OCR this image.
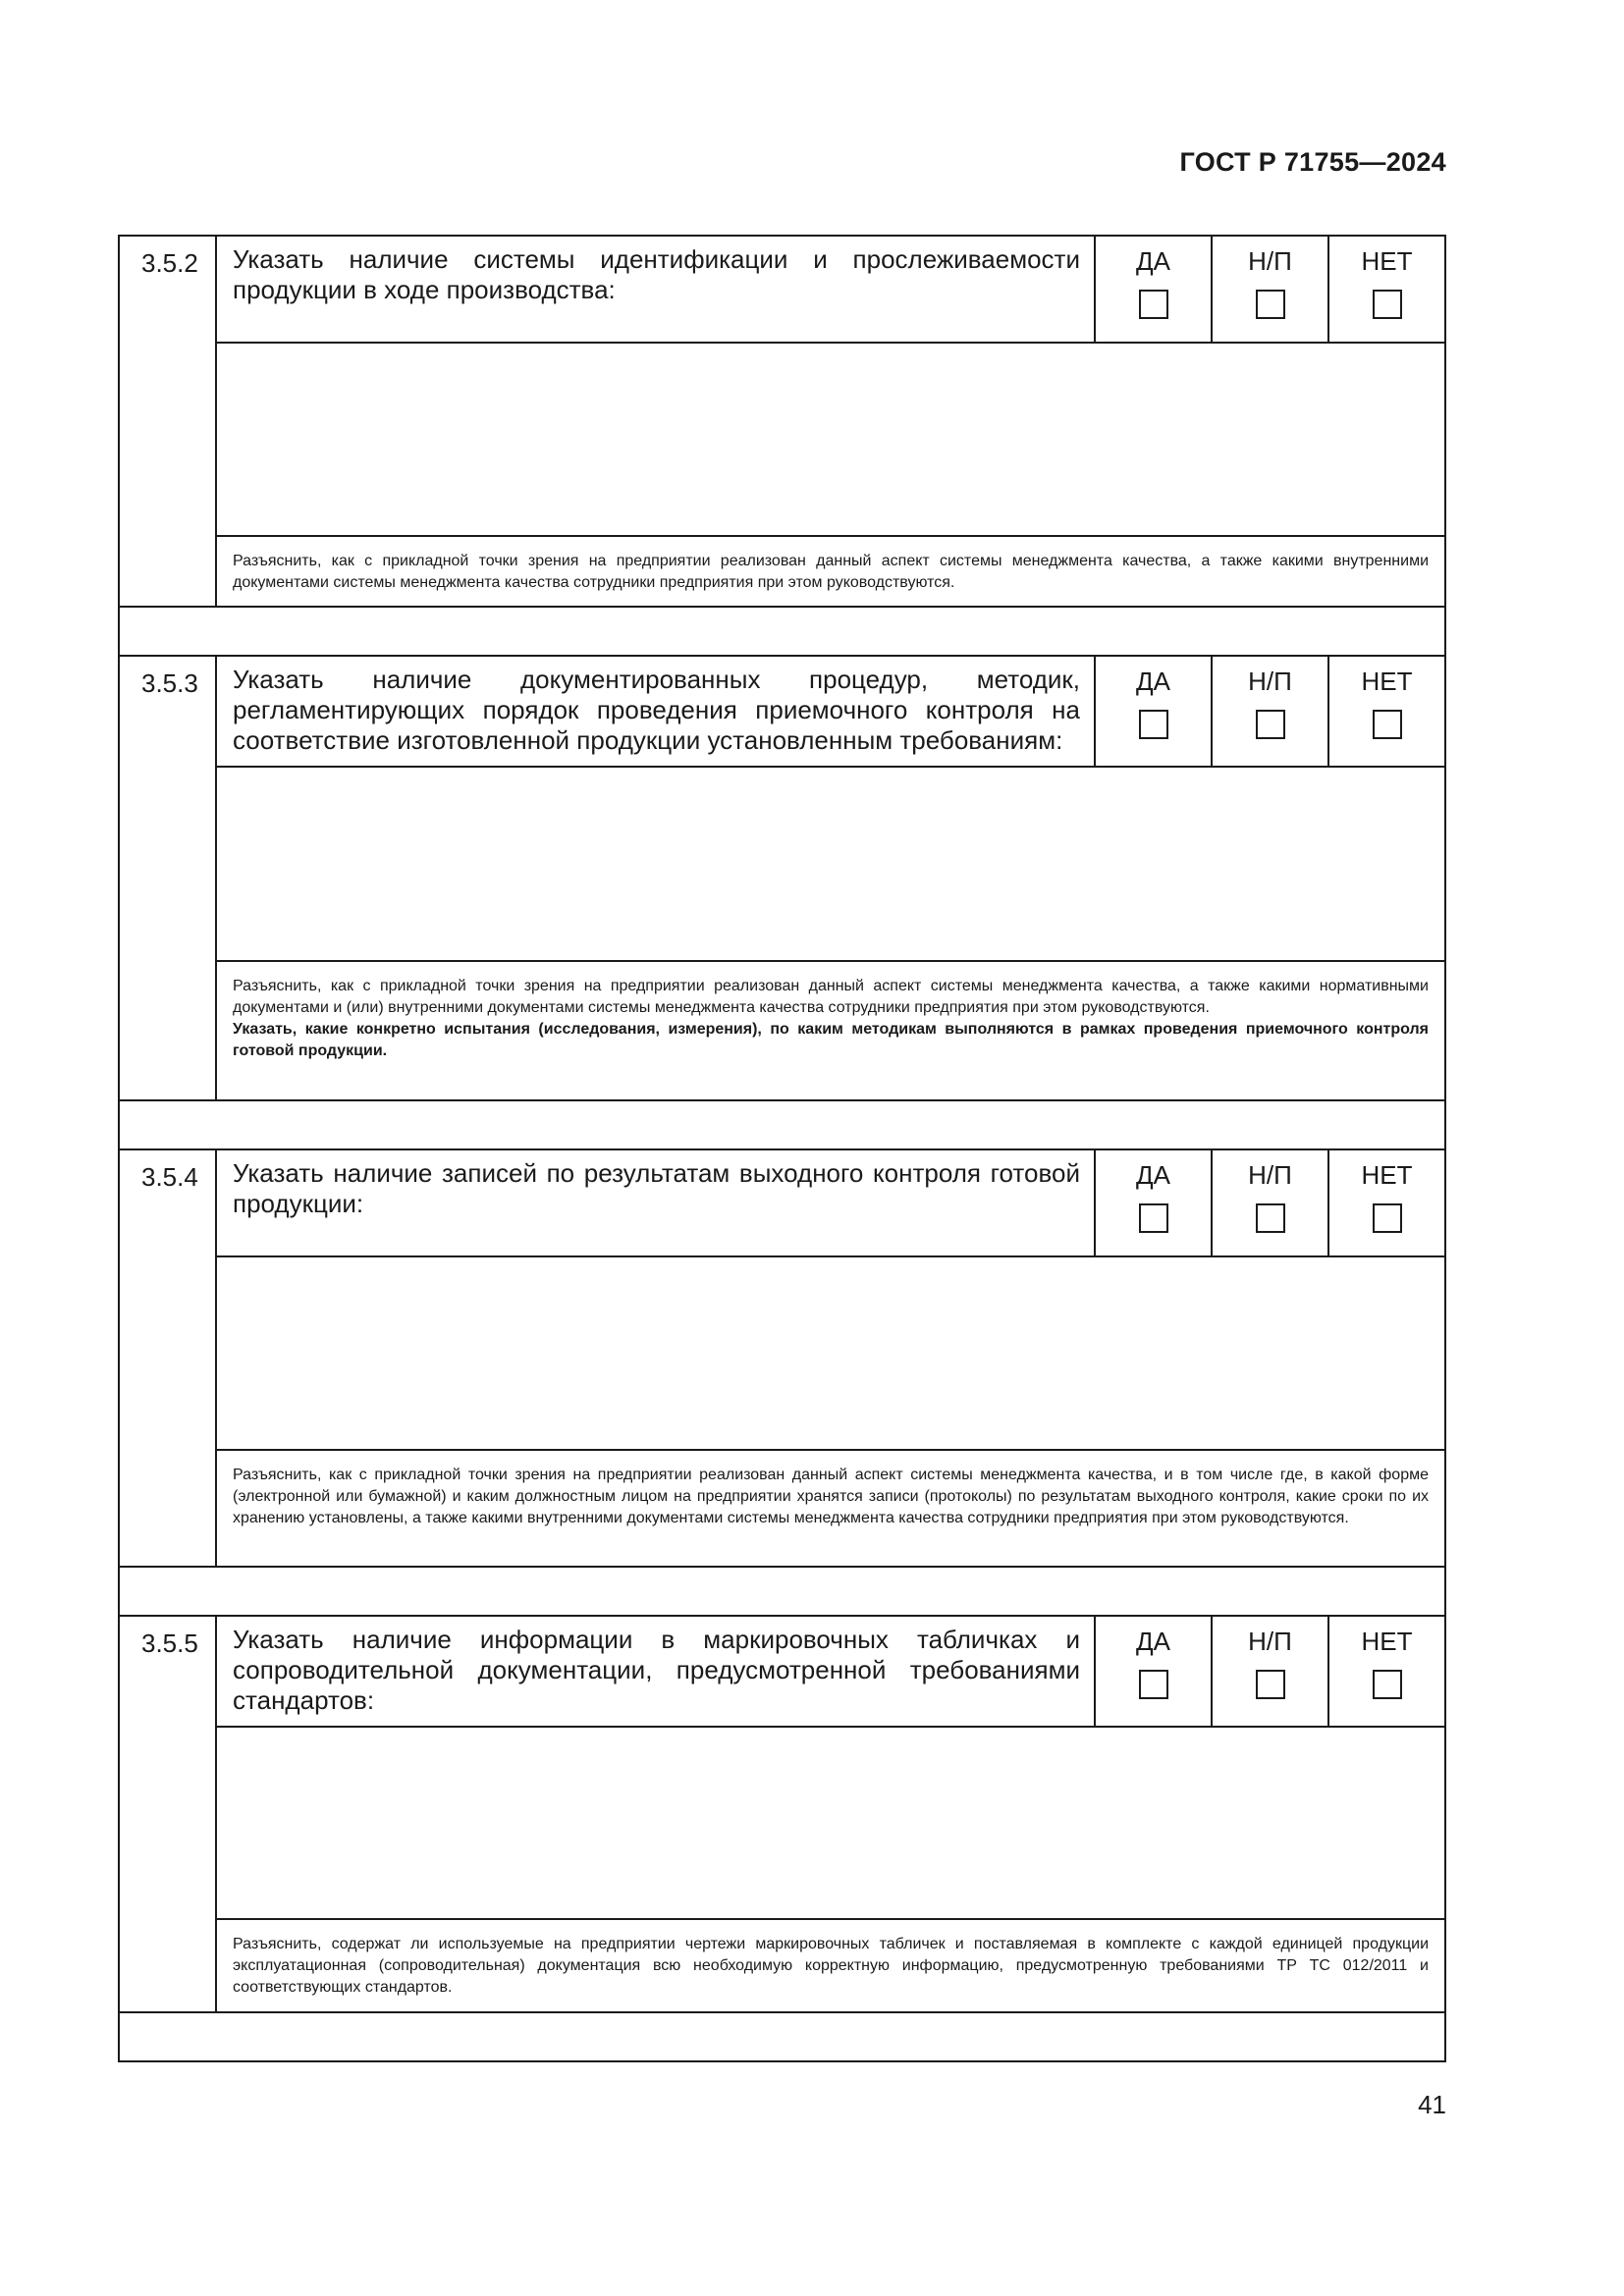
ГОСТ Р 71755—2024
3.5.2	Указать наличие системы идентификации и прослеживаемости продукции в ходе производства:	ДА	Н/П	НЕТ

	Разъяснить, как с прикладной точки зрения на предприятии реализован данный аспект системы менеджмента качества, а также какими внутренними документами системы менеджмента качества сотрудники предприятия при этом руководствуются.			

3.5.3	Указать наличие документированных процедур, методик, регламентирующих порядок проведения приемочного контроля на соответствие изготовленной продукции установленным требованиям:	ДА	Н/П	НЕТ

	Разъяснить, как с прикладной точки зрения на предприятии реализован данный аспект системы менеджмента качества, а также какими нормативными документами и (или) внутренними документами системы менеджмента качества сотрудники предприятия при этом руководствуются.
Указать, какие конкретно испытания (исследования, измерения), по каким методикам выполняются в рамках проведения приемочного контроля готовой продукции.			

3.5.4	Указать наличие записей по результатам выходного контроля готовой продукции:	ДА	Н/П	НЕТ

	Разъяснить, как с прикладной точки зрения на предприятии реализован данный аспект системы менеджмента качества, и в том числе где, в какой форме (электронной или бумажной) и каким должностным лицом на предприятии хранятся записи (протоколы) по результатам выходного контроля, какие сроки по их хранению установлены, а также какими внутренними документами системы менеджмента качества сотрудники предприятия при этом руководствуются.			

3.5.5	Указать наличие информации в маркировочных табличках и сопроводительной документации, предусмотренной требованиями стандартов:	ДА	Н/П	НЕТ

	Разъяснить, содержат ли используемые на предприятии чертежи маркировочных табличек и поставляемая в комплекте с каждой единицей продукции эксплуатационная (сопроводительная) документация всю необходимую корректную информацию, предусмотренную требованиями ТР ТС 012/2011 и соответствующих стандартов.			

41
